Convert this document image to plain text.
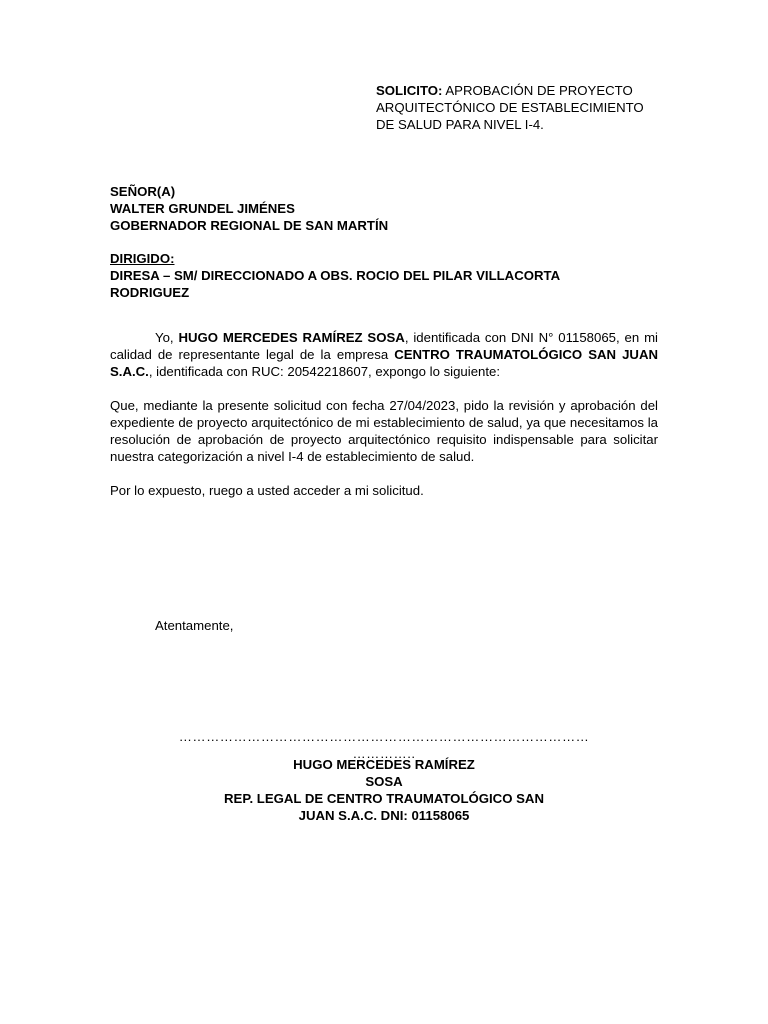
SOLICITO: APROBACIÓN DE PROYECTO
ARQUITECTÓNICO DE ESTABLECIMIENTO
DE SALUD PARA NIVEL I-4.
SEÑOR(A)
WALTER GRUNDEL JIMÉNES
GOBERNADOR REGIONAL DE SAN MARTÍN
DIRIGIDO:
DIRESA – SM/ DIRECCIONADO A OBS. ROCIO DEL PILAR VILLACORTA
RODRIGUEZ

Yo, HUGO MERCEDES RAMÍREZ SOSA, identificada con DNI N° 01158065, en mi calidad de representante legal de la empresa CENTRO TRAUMATOLÓGICO SAN JUAN S.A.C., identificada con RUC: 20542218607, expongo lo siguiente:

Que, mediante la presente solicitud con fecha 27/04/2023, pido la revisión y aprobación del expediente de proyecto arquitectónico de mi establecimiento de salud, ya que necesitamos la resolución de aprobación de proyecto arquitectónico requisito indispensable para solicitar nuestra categorización a nivel I-4 de establecimiento de salud.

Por lo expuesto, ruego a usted acceder a mi solicitud.

Atentamente,
………………………………………………………………………………
…………..
HUGO MERCEDES RAMÍREZ
SOSA
REP. LEGAL DE CENTRO TRAUMATOLÓGICO SAN
JUAN S.A.C. DNI: 01158065
